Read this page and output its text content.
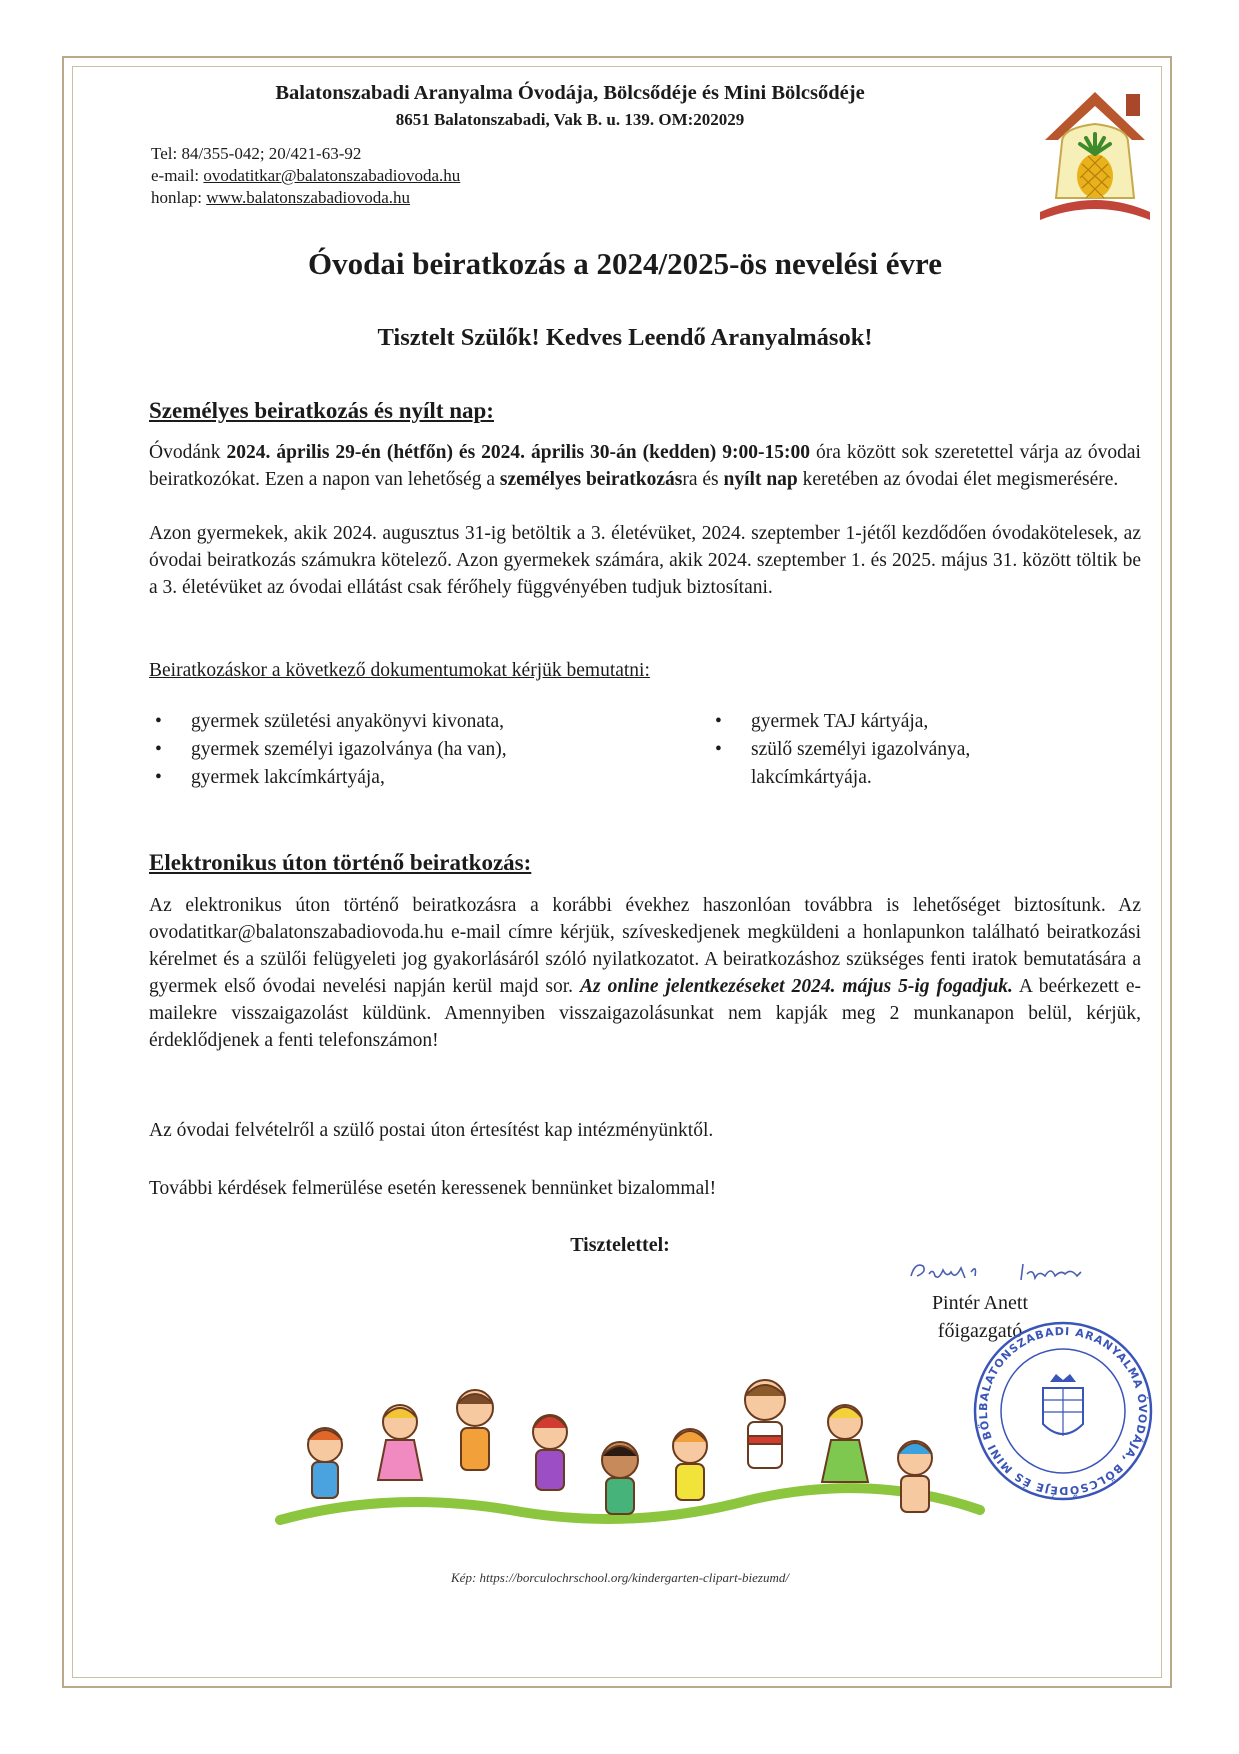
Balatonszabadi Aranyalma Óvodája, Bölcsődéje és Mini Bölcsődéje
8651 Balatonszabadi, Vak B. u. 139. OM:202029
Tel: 84/355-042; 20/421-63-92
e-mail: ovodatitkar@balatonszabadiovoda.hu
honlap: www.balatonszabadiovoda.hu
Óvodai beiratkozás a 2024/2025-ös nevelési évre
Tisztelt Szülők! Kedves Leendő Aranyalmások!
Személyes beiratkozás és nyílt nap:
Óvodánk 2024. április 29-én (hétfőn) és 2024. április 30-án (kedden) 9:00-15:00 óra között sok szeretettel várja az óvodai beiratkozókat. Ezen a napon van lehetőség a személyes beiratkozásra és nyílt nap keretében az óvodai élet megismerésére.
Azon gyermekek, akik 2024. augusztus 31-ig betöltik a 3. életévüket, 2024. szeptember 1-jétől kezdődően óvodakötelesek, az óvodai beiratkozás számukra kötelező. Azon gyermekek számára, akik 2024. szeptember 1. és 2025. május 31. között töltik be a 3. életévüket az óvodai ellátást csak férőhely függvényében tudjuk biztosítani.
Beiratkozáskor a következő dokumentumokat kérjük bemutatni:
• gyermek születési anyakönyvi kivonata,
• gyermek személyi igazolványa (ha van),
• gyermek lakcímkártyája,
• gyermek TAJ kártyája,
• szülő személyi igazolványa,
lakcímkártyája.
Elektronikus úton történő beiratkozás:
Az elektronikus úton történő beiratkozásra a korábbi évekhez haszonlóan továbbra is lehetőséget biztosítunk. Az ovodatitkar@balatonszabadiovoda.hu e-mail címre kérjük, szíveskedjenek megküldeni a honlapunkon található beiratkozási kérelmet és a szülői felügyeleti jog gyakorlásáról szóló nyilatkozatot. A beiratkozáshoz szükséges fenti iratok bemutatására a gyermek első óvodai nevelési napján kerül majd sor. Az online jelentkezéseket 2024. május 5-ig fogadjuk. A beérkezett e-mailekre visszaigazolást küldünk. Amennyiben visszaigazolásunkat nem kapják meg 2 munkanapon belül, kérjük, érdeklődjenek a fenti telefonszámon!
Az óvodai felvételről a szülő postai úton értesítést kap intézményünktől.
További kérdések felmerülése esetén keressenek bennünket bizalommal!
Tisztelettel:
Pintér Anett
főigazgató
BALATONSZABADI ARANYALMA ÓVODÁJA, BÖLCSŐDÉJE ÉS MINI BÖL
Kép: https://borculochrschool.org/kindergarten-clipart-biezumd/
